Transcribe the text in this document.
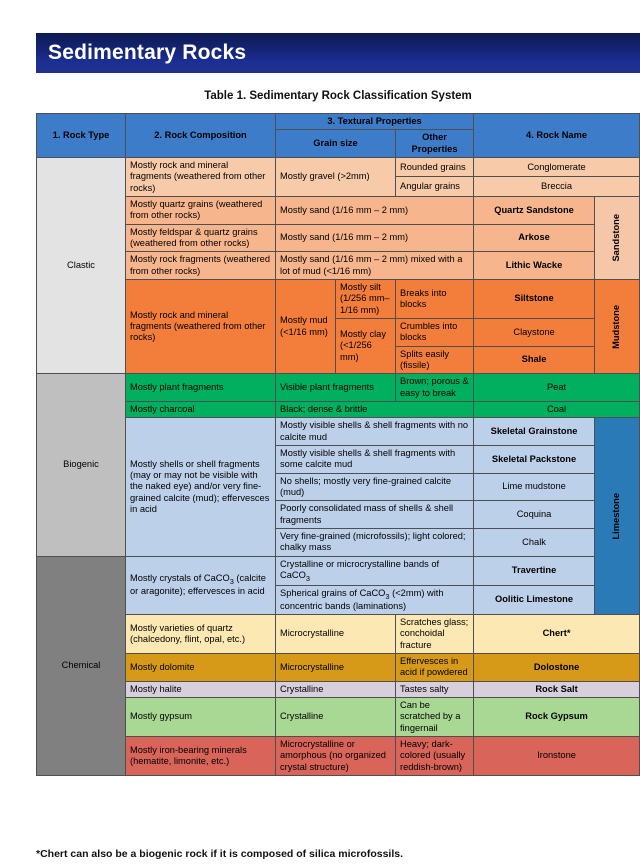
Sedimentary Rocks
Table 1. Sedimentary Rock Classification System
1. Rock Type	2. Rock Composition	3. Textural Properties			4. Rock Name	
		Grain size		Other Properties		
Clastic	Mostly rock and mineral fragments (weathered from other rocks)	Mostly gravel (>2mm)		Rounded grains	Conglomerate	
				Angular grains	Breccia	
	Mostly quartz grains (weathered from other rocks)	Mostly sand (1/16 mm – 2 mm)			Quartz Sandstone	Sandstone

	Mostly feldspar & quartz grains (weathered from other rocks)	Mostly sand (1/16 mm – 2 mm)			Arkose	
	Mostly rock fragments (weathered from other rocks)	Mostly sand (1/16 mm – 2 mm) mixed with a lot of mud (<1/16 mm)			Lithic Wacke	
	Mostly rock and mineral fragments (weathered from other rocks)	Mostly mud (<1/16 mm)	Mostly silt (1/256 mm–1/16 mm)	Breaks into blocks	Siltstone	Mudstone

			Mostly clay (<1/256 mm)	Crumbles into blocks	Claystone	
				Splits easily (fissile)	Shale	
Biogenic	Mostly plant fragments	Visible plant fragments		Brown; porous & easy to break	Peat	
	Mostly charcoal	Black; dense & brittle			Coal	
	Mostly shells or shell fragments (may or may not be visible with the naked eye) and/or very fine-grained calcite (mud); effervesces in acid	Mostly visible shells & shell fragments with no calcite mud			Skeletal Grainstone	Limestone

		Mostly visible shells & shell fragments with some calcite mud			Skeletal Packstone	
		No shells; mostly very fine-grained calcite (mud)			Lime mudstone	
		Poorly consolidated mass of shells & shell fragments			Coquina	
		Very fine-grained (microfossils); light colored; chalky mass			Chalk	
Chemical	Mostly crystals of CaCO$_3$ (calcite or aragonite); effervesces in acid	Crystalline or microcrystalline bands of CaCO$_3$			Travertine	
		Spherical grains of CaCO$_3$ (<2mm) with concentric bands (laminations)			Oolitic Limestone	
	Mostly varieties of quartz (chalcedony, flint, opal, etc.)	Microcrystalline		Scratches glass; conchoidal fracture	Chert*	
	Mostly dolomite	Microcrystalline		Effervesces in acid if powdered	Dolostone	
	Mostly halite	Crystalline		Tastes salty	Rock Salt	
	Mostly gypsum	Crystalline		Can be scratched by a fingernail	Rock Gypsum	
	Mostly iron-bearing minerals (hematite, limonite, etc.)	Microcrystalline or amorphous (no organized crystal structure)		Heavy; dark-colored (usually reddish-brown)	Ironstone	
*Chert can also be a biogenic rock if it is composed of silica microfossils.
